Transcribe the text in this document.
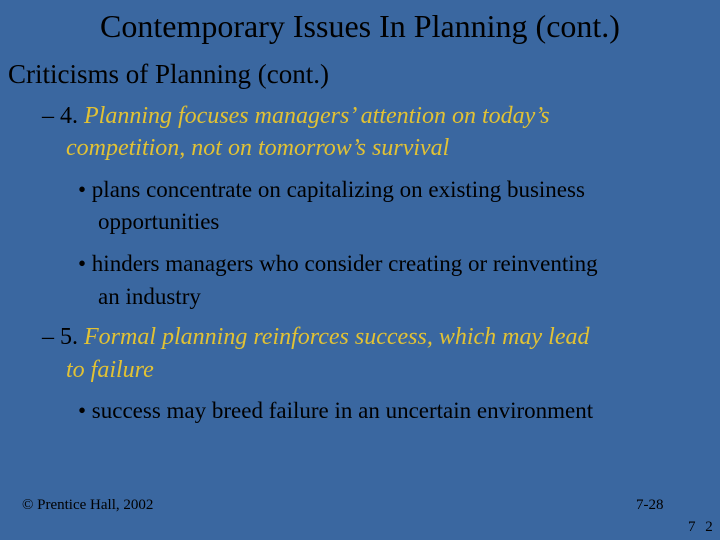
Contemporary Issues In Planning (cont.)
Criticisms of Planning (cont.)
– 4. Planning focuses managers’ attention on today’s
competition, not on tomorrow’s survival
• plans concentrate on capitalizing on existing business
opportunities
• hinders managers who consider creating or reinventing
an industry
– 5. Formal planning reinforces success, which may lead
to failure
• success may breed failure in an uncertain environment
© Prentice Hall, 2002	7-28
7 2
